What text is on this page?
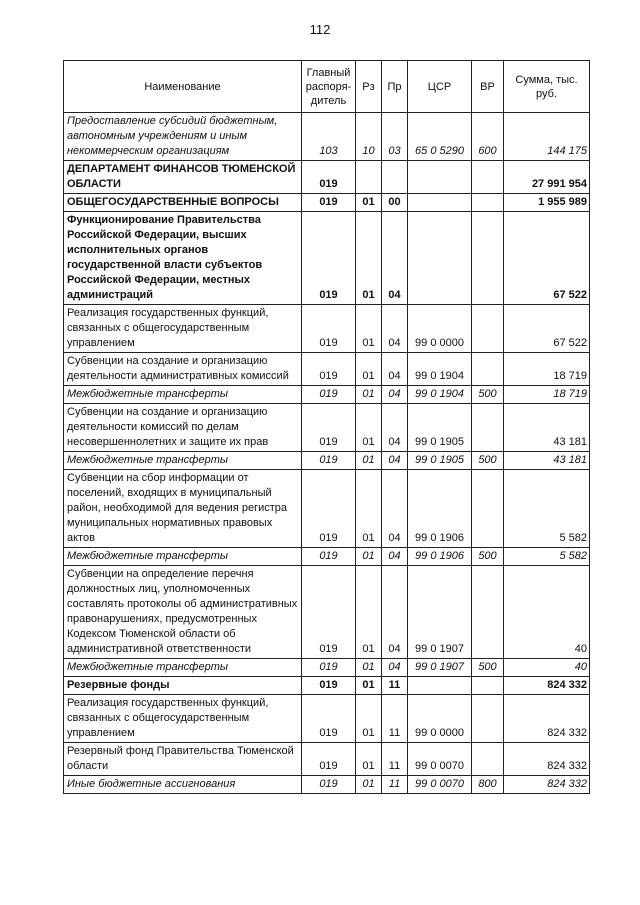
112
Наименование	Главный распоря-дитель	Рз	Пр	ЦСР	ВР	Сумма, тыс. руб.
Предоставление субсидий бюджетным, автономным учреждениям и иным некоммерческим организациям	103	10	03	65 0 5290	600	144 175
ДЕПАРТАМЕНТ ФИНАНСОВ ТЮМЕНСКОЙ ОБЛАСТИ	019					27 991 954
ОБЩЕГОСУДАРСТВЕННЫЕ ВОПРОСЫ	019	01	00			1 955 989
Функционирование Правительства Российской Федерации, высших исполнительных органов государственной власти субъектов Российской Федерации, местных администраций	019	01	04			67 522
Реализация государственных функций, связанных с общегосударственным управлением	019	01	04	99 0 0000		67 522
Субвенции на создание и организацию деятельности административных комиссий	019	01	04	99 0 1904		18 719
Межбюджетные трансферты	019	01	04	99 0 1904	500	18 719
Субвенции на создание и организацию деятельности комиссий по делам несовершеннолетних и защите их прав	019	01	04	99 0 1905		43 181
Межбюджетные трансферты	019	01	04	99 0 1905	500	43 181
Субвенции на сбор информации от поселений, входящих в муниципальный район, необходимой для ведения регистра муниципальных нормативных правовых актов	019	01	04	99 0 1906		5 582
Межбюджетные трансферты	019	01	04	99 0 1906	500	5 582
Субвенции на определение перечня должностных лиц, уполномоченных составлять протоколы об административных правонарушениях, предусмотренных Кодексом Тюменской области об административной ответственности	019	01	04	99 0 1907		40
Межбюджетные трансферты	019	01	04	99 0 1907	500	40
Резервные фонды	019	01	11			824 332
Реализация государственных функций, связанных с общегосударственным управлением	019	01	11	99 0 0000		824 332
Резервный фонд Правительства Тюменской области	019	01	11	99 0 0070		824 332
Иные бюджетные ассигнования	019	01	11	99 0 0070	800	824 332
